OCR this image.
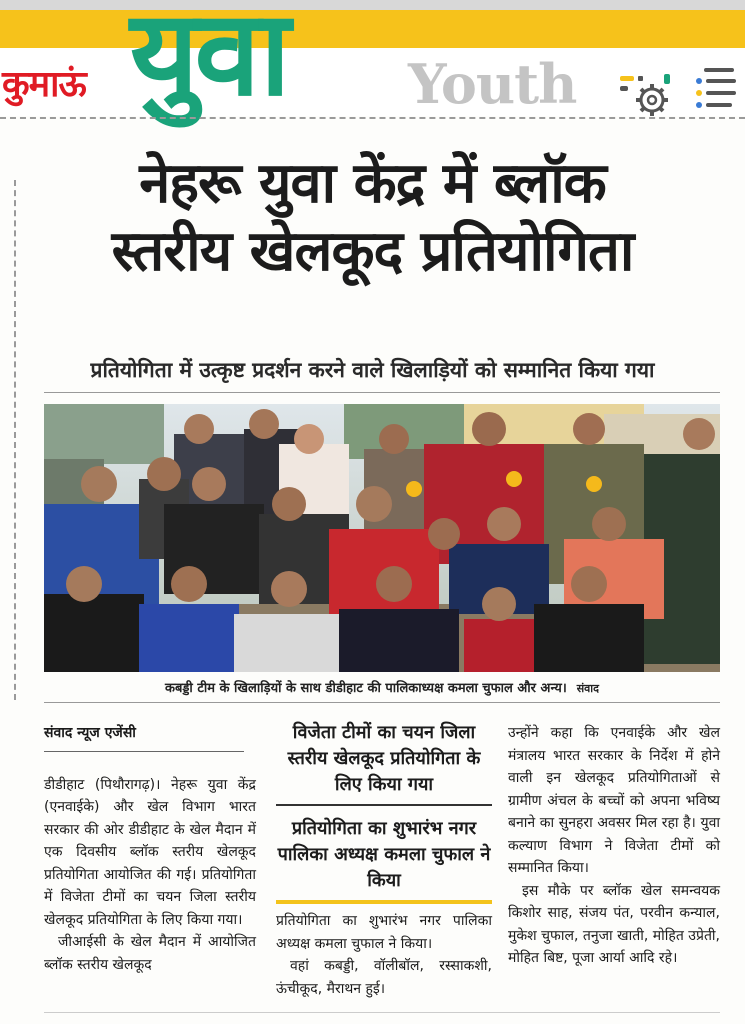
कुमाऊं युवा Youth
नेहरू युवा केंद्र में ब्लॉक
स्तरीय खेलकूद प्रतियोगिता
प्रतियोगिता में उत्कृष्ट प्रदर्शन करने वाले खिलाड़ियों को सम्मानित किया गया
कबड्डी टीम के खिलाड़ियों के साथ डीडीहाट की पालिकाध्यक्ष कमला चुफाल और अन्य। संवाद
संवाद न्यूज एजेंसी

डीडीहाट (पिथौरागढ़)। नेहरू युवा केंद्र (एनवाईके) और खेल विभाग भारत सरकार की ओर डीडीहाट के खेल मैदान में एक दिवसीय ब्लॉक स्तरीय खेलकूद प्रतियोगिता आयोजित की गई। प्रतियोगिता में विजेता टीमों का चयन जिला स्तरीय खेलकूद प्रतियोगिता के लिए किया गया।

जीआईसी के खेल मैदान में आयोजित ब्लॉक स्तरीय खेलकूद

विजेता टीमों का चयन जिला स्तरीय खेलकूद प्रतियोगिता के लिए किया गया
प्रतियोगिता का शुभारंभ नगर पालिका अध्यक्ष कमला चुफाल ने किया

प्रतियोगिता का शुभारंभ नगर पालिका अध्यक्ष कमला चुफाल ने किया।

वहां कबड्डी, वॉलीबॉल, रस्साकशी, ऊंचीकूद, मैराथन हुई।

उन्होंने कहा कि एनवाईके और खेल मंत्रालय भारत सरकार के निर्देश में होने वाली इन खेलकूद प्रतियोगिताओं से ग्रामीण अंचल के बच्चों को अपना भविष्य बनाने का सुनहरा अवसर मिल रहा है। युवा कल्याण विभाग ने विजेता टीमों को सम्मानित किया।

इस मौके पर ब्लॉक खेल समन्वयक किशोर साह, संजय पंत, परवीन कन्याल, मुकेश चुफाल, तनुजा खाती, मोहित उप्रेती, मोहित बिष्ट, पूजा आर्या आदि रहे।
